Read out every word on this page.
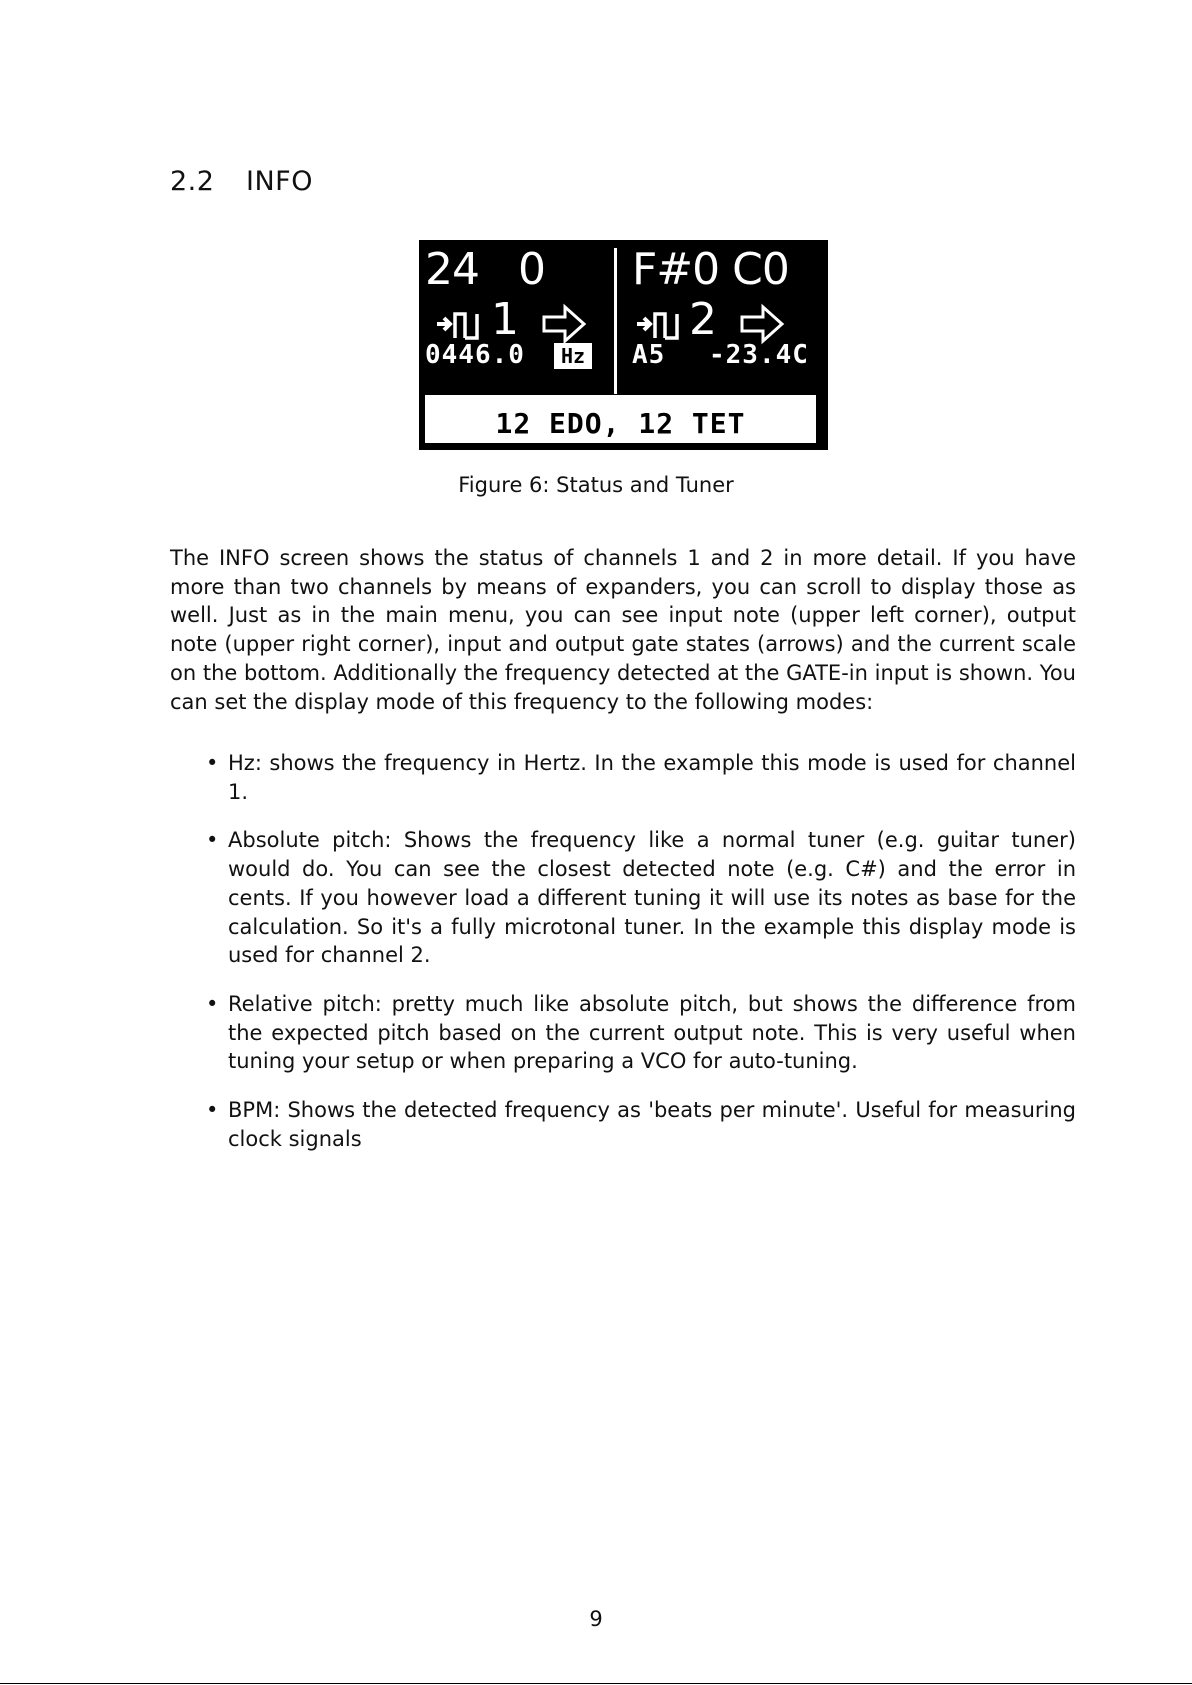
2.2 INFO
24   0 F#0 C0
1	2
0446.0	Hz A5 -23.4C
12 EDO, 12 TET
Figure 6: Status and Tuner

The INFO screen shows the status of channels 1 and 2 in more detail. If you have more than two channels by means of expanders, you can scroll to display those as well. Just as in the main menu, you can see input note (upper left corner), output note (upper right corner), input and output gate states (arrows) and the current scale on the bottom. Additionally the frequency detected at the GATE-in input is shown. You can set the display mode of this frequency to the following modes:

• Hz: shows the frequency in Hertz. In the example this mode is used for channel 1.
• Absolute pitch: Shows the frequency like a normal tuner (e.g. guitar tuner) would do. You can see the closest detected note (e.g. C#) and the error in cents. If you however load a different tuning it will use its notes as base for the calculation. So it's a fully microtonal tuner. In the example this display mode is used for channel 2.
• Relative pitch: pretty much like absolute pitch, but shows the difference from the expected pitch based on the current output note. This is very useful when tuning your setup or when preparing a VCO for auto-tuning.
• BPM: Shows the detected frequency as 'beats per minute'. Useful for measuring clock signals
9
